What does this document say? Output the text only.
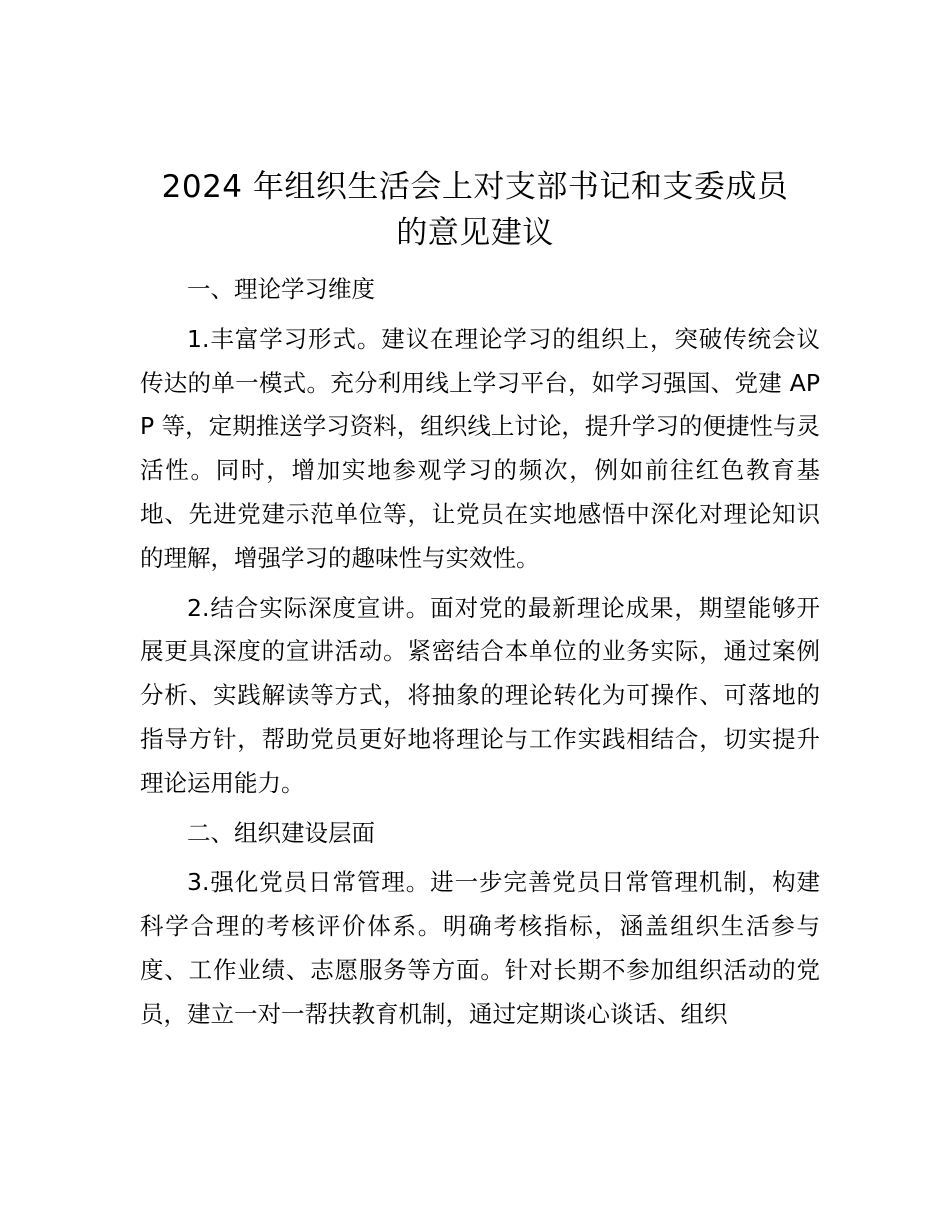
2024 年组织生活会上对支部书记和支委成员
的意见建议

一、理论学习维度

1.丰富学习形式。建议在理论学习的组织上，突破传统会议传达的单一模式。充分利用线上学习平台，如学习强国、党建 APP 等，定期推送学习资料，组织线上讨论，提升学习的便捷性与灵活性。同时，增加实地参观学习的频次，例如前往红色教育基地、先进党建示范单位等，让党员在实地感悟中深化对理论知识的理解，增强学习的趣味性与实效性。

2.结合实际深度宣讲。面对党的最新理论成果，期望能够开展更具深度的宣讲活动。紧密结合本单位的业务实际，通过案例分析、实践解读等方式，将抽象的理论转化为可操作、可落地的指导方针，帮助党员更好地将理论与工作实践相结合，切实提升理论运用能力。

二、组织建设层面

3.强化党员日常管理。进一步完善党员日常管理机制，构建科学合理的考核评价体系。明确考核指标，涵盖组织生活参与度、工作业绩、志愿服务等方面。针对长期不参加组织活动的党员，建立一对一帮扶教育机制，通过定期谈心谈话、组织
